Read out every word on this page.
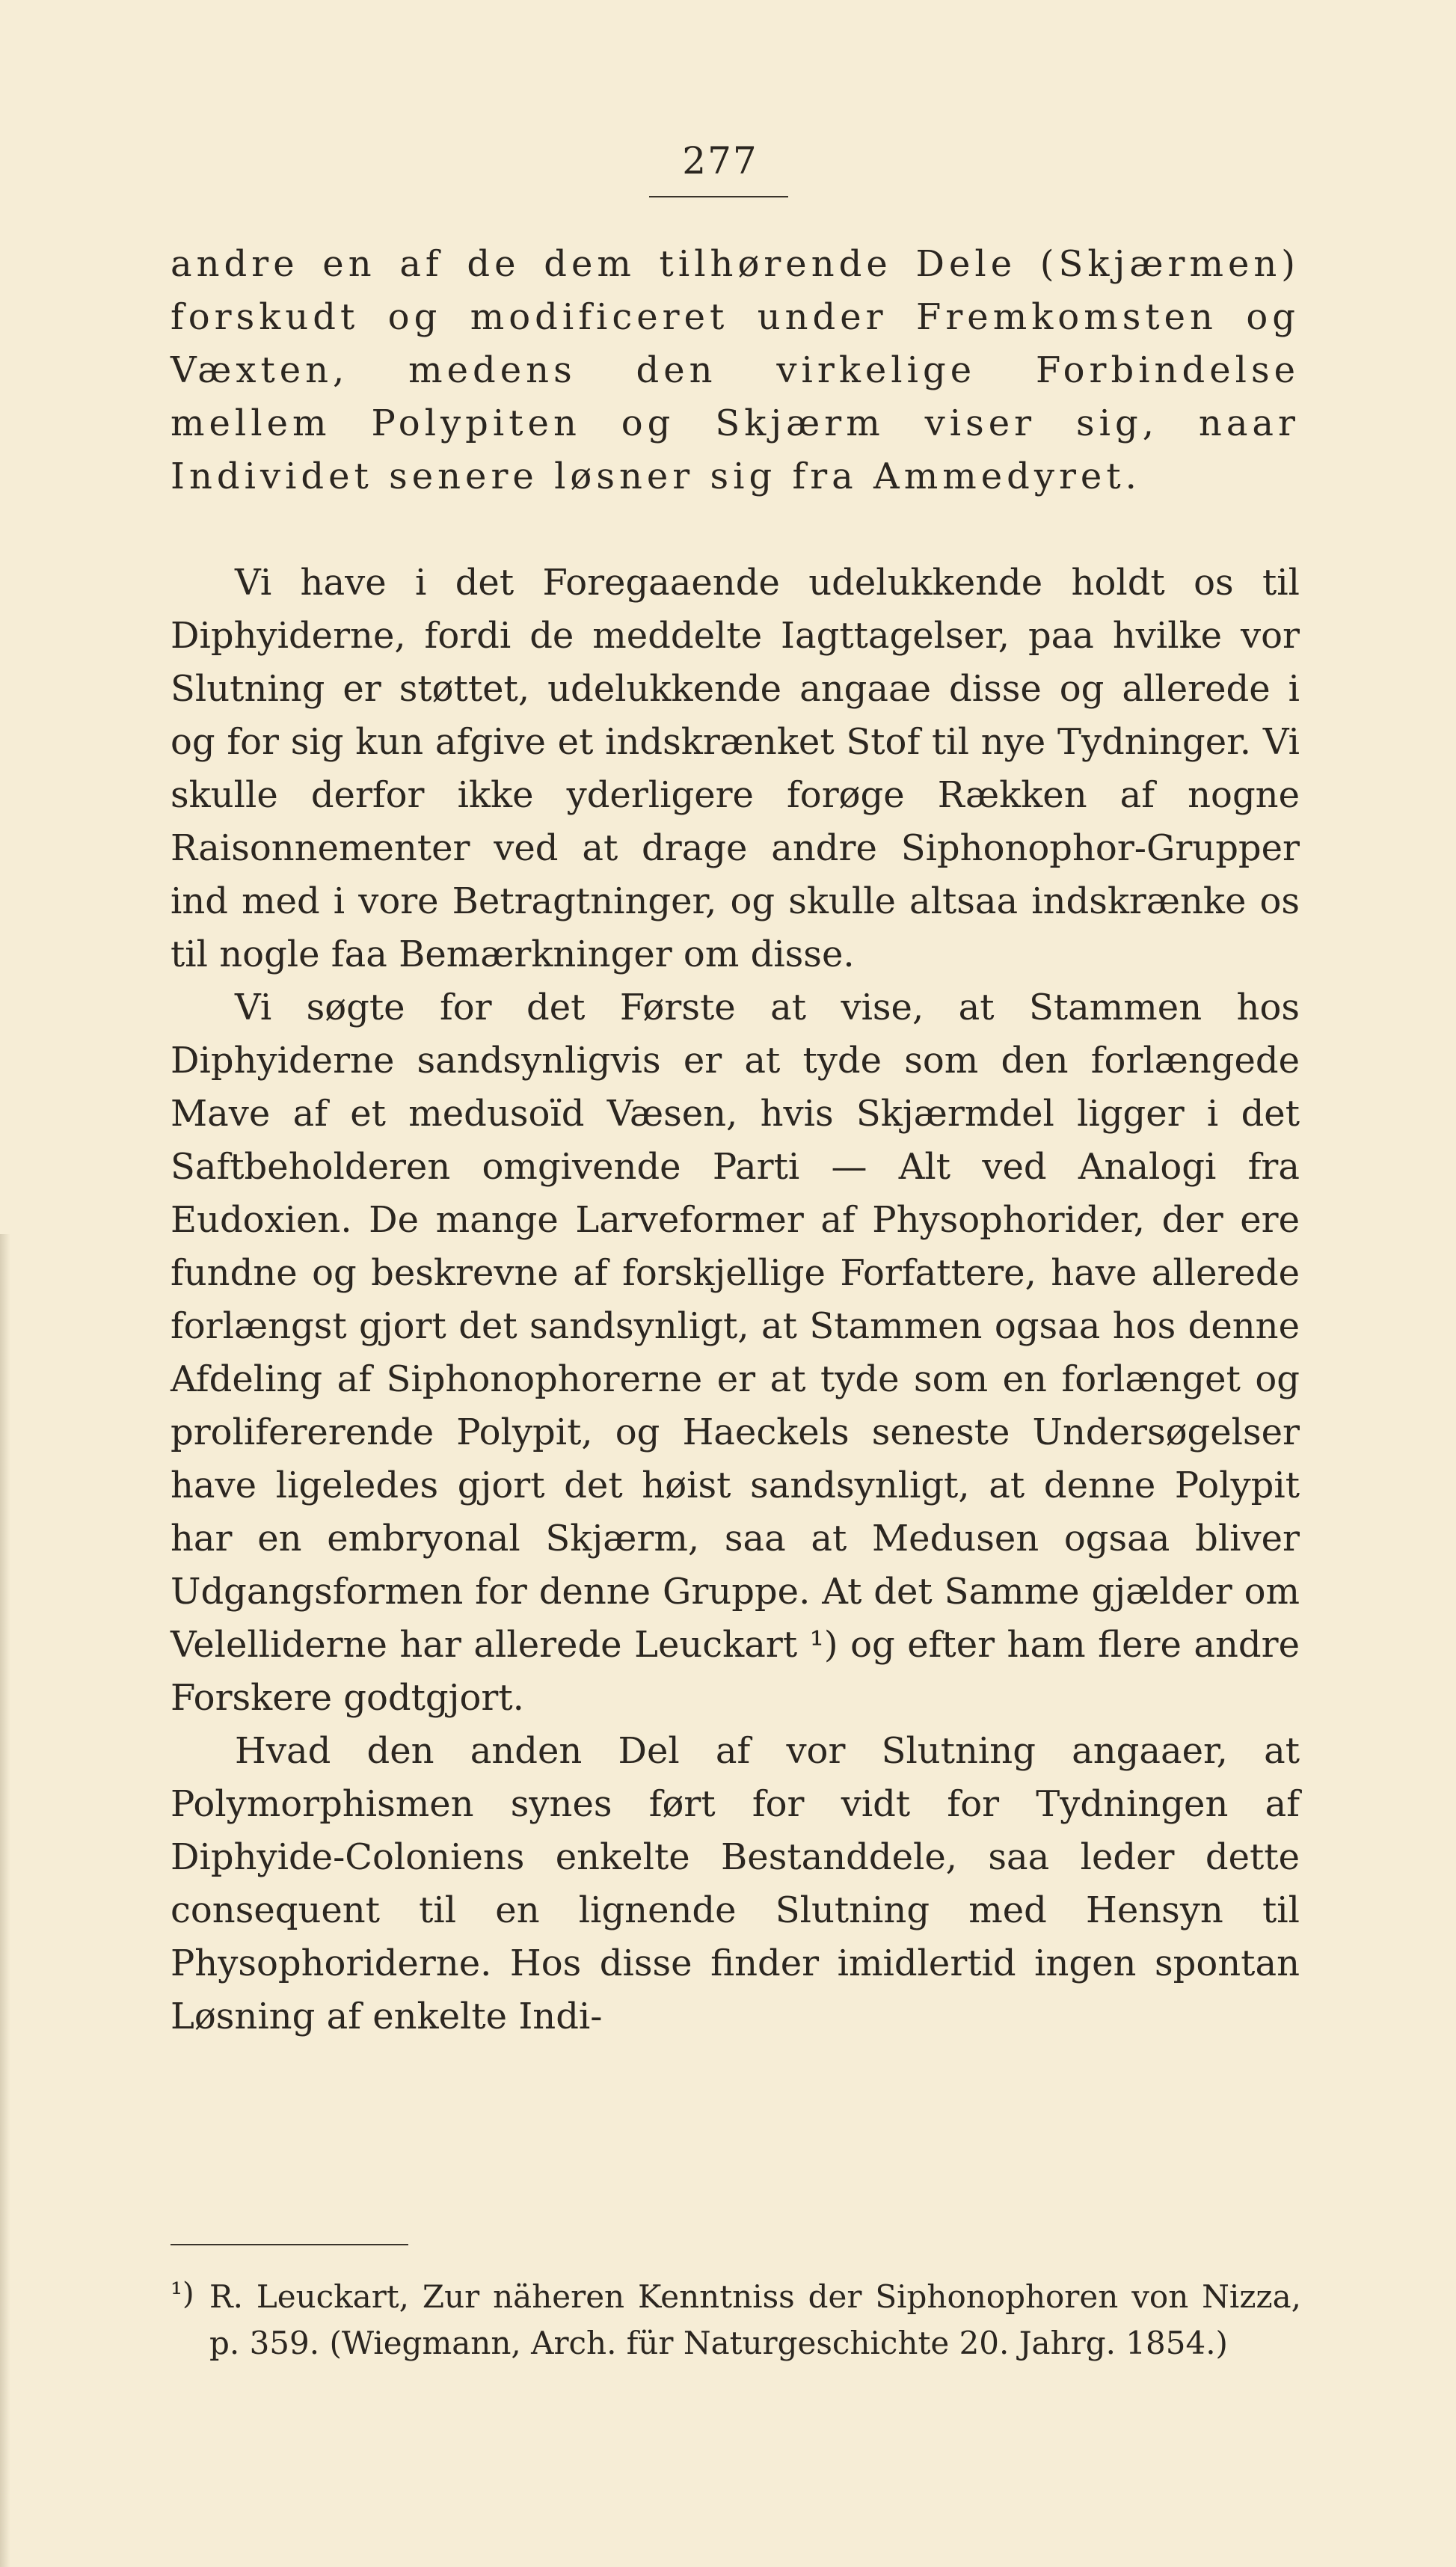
277

andre en af de dem tilhørende Dele (Skjærmen) forskudt og modificeret under Fremkomsten og Væxten, medens den virkelige Forbindelse mellem Polypiten og Skjærm viser sig, naar Individet senere løsner sig fra Ammedyret.

Vi have i det Foregaaende udelukkende holdt os til Diphyiderne, fordi de meddelte Iagttagelser, paa hvilke vor Slutning er støttet, udelukkende angaae disse og allerede i og for sig kun afgive et indskrænket Stof til nye Tydninger. Vi skulle derfor ikke yderligere forøge Rækken af nogne Raisonnementer ved at drage andre Siphonophor-Grupper ind med i vore Betragtninger, og skulle altsaa indskrænke os til nogle faa Bemærkninger om disse.

Vi søgte for det Første at vise, at Stammen hos Diphyiderne sandsynligvis er at tyde som den forlængede Mave af et medusoïd Væsen, hvis Skjærmdel ligger i det Saftbeholderen omgivende Parti — Alt ved Analogi fra Eudoxien. De mange Larveformer af Physophorider, der ere fundne og beskrevne af forskjellige Forfattere, have allerede forlængst gjort det sandsynligt, at Stammen ogsaa hos denne Afdeling af Siphonophorerne er at tyde som en forlænget og prolifererende Polypit, og Haeckels seneste Undersøgelser have ligeledes gjort det høist sandsynligt, at denne Polypit har en embryonal Skjærm, saa at Medusen ogsaa bliver Udgangsformen for denne Gruppe. At det Samme gjælder om Velelliderne har allerede Leuckart ¹) og efter ham flere andre Forskere godtgjort.

Hvad den anden Del af vor Slutning angaaer, at Polymorphismen synes ført for vidt for Tydningen af Diphyide-Coloniens enkelte Bestanddele, saa leder dette consequent til en lignende Slutning med Hensyn til Physophoriderne. Hos disse finder imidlertid ingen spontan Løsning af enkelte Indi-

¹) R. Leuckart, Zur näheren Kenntniss der Siphonophoren von Nizza, p. 359. (Wiegmann, Arch. für Naturgeschichte 20. Jahrg. 1854.)
